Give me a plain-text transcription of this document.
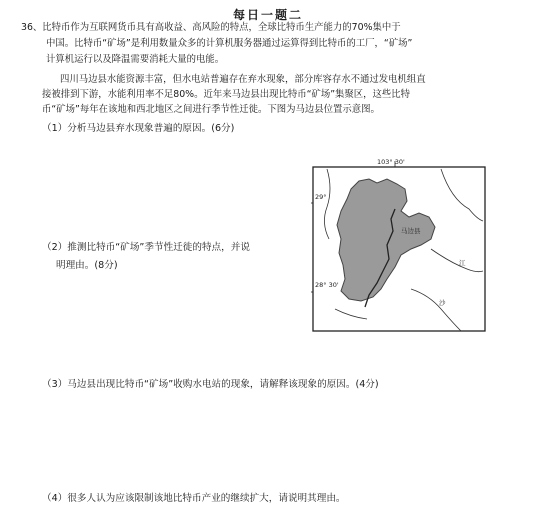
每日一题二
36、比特币作为互联网货币具有高收益、高风险的特点，全球比特币生产能力的70%集中于
中国。比特币“矿场”是利用数量众多的计算机服务器通过运算得到比特币的工厂，“矿场”
计算机运行以及降温需要消耗大量的电能。
四川马边县水能资源丰富，但水电站普遍存在弃水现象，部分库容存水不通过发电机组直
接被排到下游，水能利用率不足80%。近年来马边县出现比特币“矿场”集聚区，这些比特
币“矿场”每年在该地和西北地区之间进行季节性迁徙。下图为马边县位置示意图。
（1）分析马边县弃水现象普遍的原因。(6分)
（2）推测比特币“矿场”季节性迁徙的特点，并说
明理由。(8分)
（3）马边县出现比特币“矿场”收购水电站的现象，请解释该现象的原因。(4分)
（4）很多人认为应该限制该地比特币产业的继续扩大，请说明其理由。
103° 30'
29°
28° 30'
马边县
江
沙
